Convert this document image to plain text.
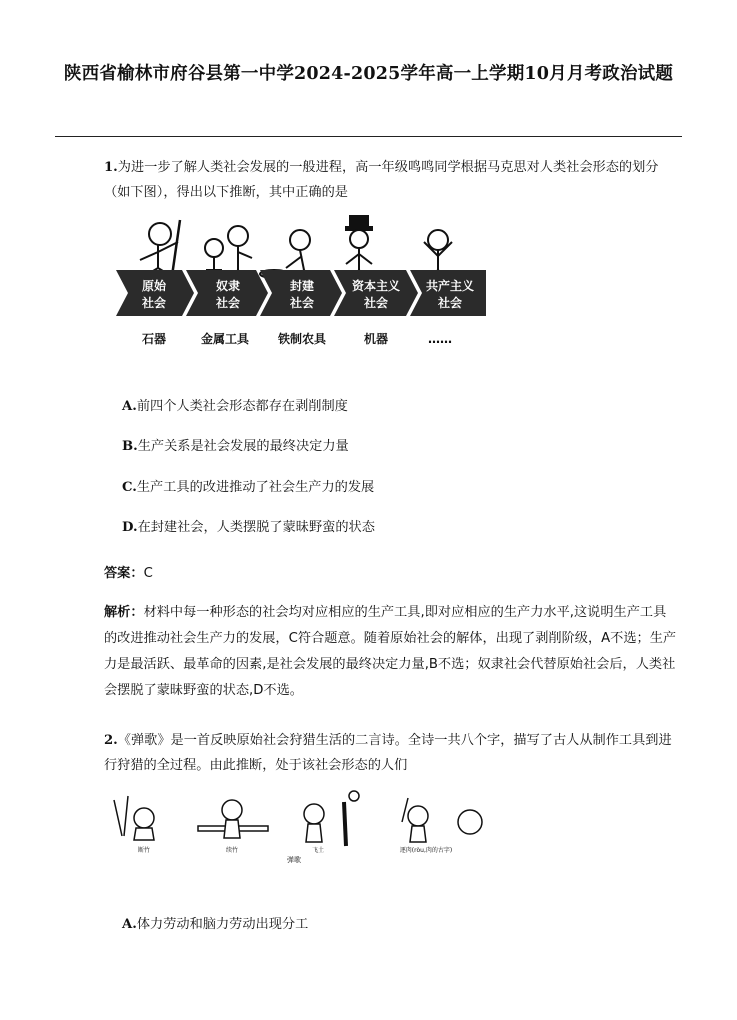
陕西省榆林市府谷县第一中学2024-2025学年高一上学期10月月考政治试题
1.为进一步了解人类社会发展的一般进程，高一年级鸣鸣同学根据马克思对人类社会形态的划分（如下图），得出以下推断，其中正确的是
原始
社会
奴隶
社会
封建
社会
资本主义
社会
共产主义
社会
石器	金属工具 铁制农具	机器	……
A.前四个人类社会形态都存在剥削制度
B.生产关系是社会发展的最终决定力量
C.生产工具的改进推动了社会生产力的发展
D.在封建社会，人类摆脱了蒙昧野蛮的状态
答案：C
解析：材料中每一种形态的社会均对应相应的生产工具,即对应相应的生产力水平,这说明生产工具的改进推动社会生产力的发展，C符合题意。随着原始社会的解体，出现了剥削阶级，A不选；生产力是最活跃、最革命的因素,是社会发展的最终决定力量,B不选；奴隶社会代替原始社会后，人类社会摆脱了蒙昧野蛮的状态,D不选。
2.《弹歌》是一首反映原始社会狩猎生活的二言诗。全诗一共八个字，描写了古人从制作工具到进行狩猎的全过程。由此推断，处于该社会形态的人们
断竹	续竹	飞土	逐肉(ròu,肉的古字)
弹歌
A.体力劳动和脑力劳动出现分工
